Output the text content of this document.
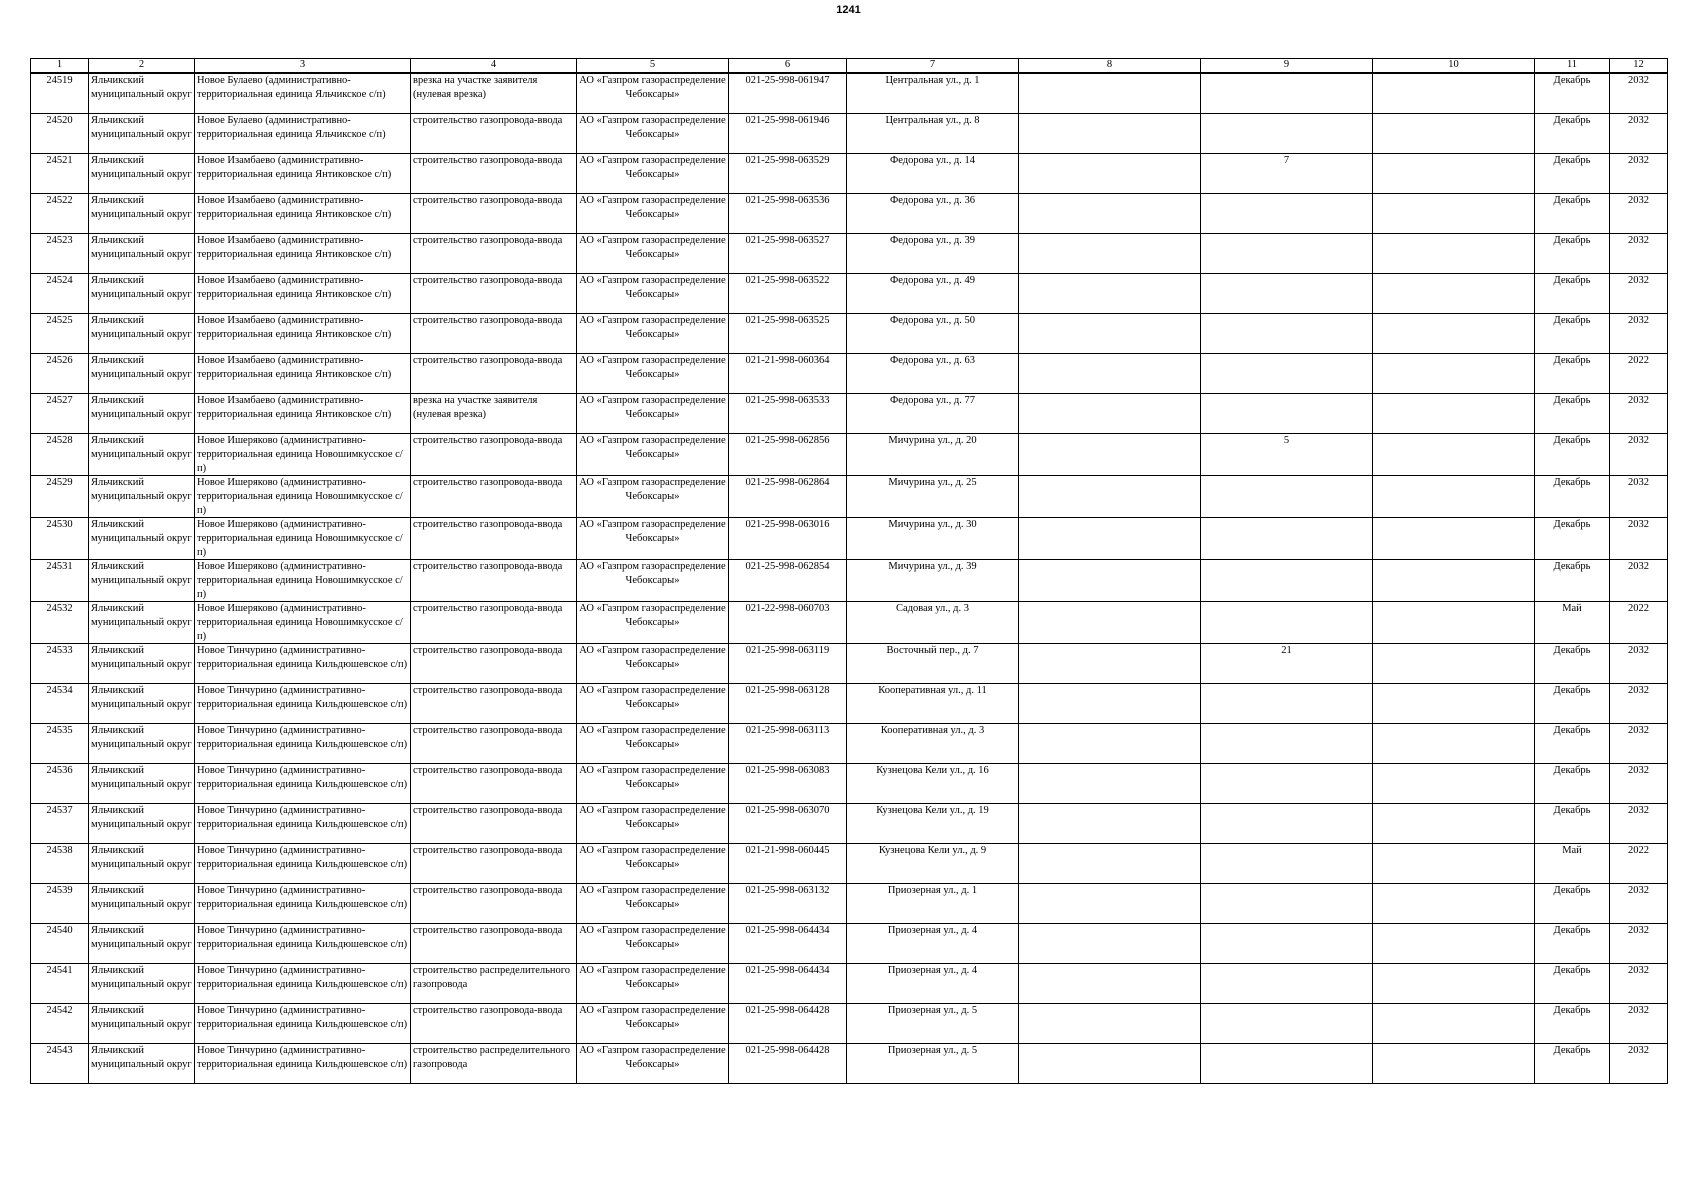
1241
1	2	3	4	5	6	7	8	9	10	11	12

24519	Яльчикский муниципальный округ	Новое Булаево (административно-территориальная единица Яльчикское с/п)	врезка на участке заявителя (нулевая врезка)	АО «Газпром газораспределение Чебоксары»	021-25-998-061947	Центральная ул., д. 1				Декабрь	2032

24520	Яльчикский муниципальный округ	Новое Булаево (административно-территориальная единица Яльчикское с/п)	строительство газопровода-ввода	АО «Газпром газораспределение Чебоксары»	021-25-998-061946	Центральная ул., д. 8				Декабрь	2032

24521	Яльчикский муниципальный округ	Новое Изамбаево (административно-территориальная единица Янтиковское с/п)	строительство газопровода-ввода	АО «Газпром газораспределение Чебоксары»	021-25-998-063529	Федорова ул., д. 14		7		Декабрь	2032

24522	Яльчикский муниципальный округ	Новое Изамбаево (административно-территориальная единица Янтиковское с/п)	строительство газопровода-ввода	АО «Газпром газораспределение Чебоксары»	021-25-998-063536	Федорова ул., д. 36				Декабрь	2032

24523	Яльчикский муниципальный округ	Новое Изамбаево (административно-территориальная единица Янтиковское с/п)	строительство газопровода-ввода	АО «Газпром газораспределение Чебоксары»	021-25-998-063527	Федорова ул., д. 39				Декабрь	2032

24524	Яльчикский муниципальный округ	Новое Изамбаево (административно-территориальная единица Янтиковское с/п)	строительство газопровода-ввода	АО «Газпром газораспределение Чебоксары»	021-25-998-063522	Федорова ул., д. 49				Декабрь	2032

24525	Яльчикский муниципальный округ	Новое Изамбаево (административно-территориальная единица Янтиковское с/п)	строительство газопровода-ввода	АО «Газпром газораспределение Чебоксары»	021-25-998-063525	Федорова ул., д. 50				Декабрь	2032

24526	Яльчикский муниципальный округ	Новое Изамбаево (административно-территориальная единица Янтиковское с/п)	строительство газопровода-ввода	АО «Газпром газораспределение Чебоксары»	021-21-998-060364	Федорова ул., д. 63				Декабрь	2022

24527	Яльчикский муниципальный округ	Новое Изамбаево (административно-территориальная единица Янтиковское с/п)	врезка на участке заявителя (нулевая врезка)	АО «Газпром газораспределение Чебоксары»	021-25-998-063533	Федорова ул., д. 77				Декабрь	2032

24528	Яльчикский муниципальный округ	Новое Ишеряково (административно-территориальная единица Новошимкусское с/п)	строительство газопровода-ввода	АО «Газпром газораспределение Чебоксары»	021-25-998-062856	Мичурина ул., д. 20		5		Декабрь	2032

24529	Яльчикский муниципальный округ	Новое Ишеряково (административно-территориальная единица Новошимкусское с/п)	строительство газопровода-ввода	АО «Газпром газораспределение Чебоксары»	021-25-998-062864	Мичурина ул., д. 25				Декабрь	2032

24530	Яльчикский муниципальный округ	Новое Ишеряково (административно-территориальная единица Новошимкусское с/п)	строительство газопровода-ввода	АО «Газпром газораспределение Чебоксары»	021-25-998-063016	Мичурина ул., д. 30				Декабрь	2032

24531	Яльчикский муниципальный округ	Новое Ишеряково (административно-территориальная единица Новошимкусское с/п)	строительство газопровода-ввода	АО «Газпром газораспределение Чебоксары»	021-25-998-062854	Мичурина ул., д. 39				Декабрь	2032

24532	Яльчикский муниципальный округ	Новое Ишеряково (административно-территориальная единица Новошимкусское с/п)	строительство газопровода-ввода	АО «Газпром газораспределение Чебоксары»	021-22-998-060703	Садовая ул., д. 3				Май	2022

24533	Яльчикский муниципальный округ	Новое Тинчурино (административно-территориальная единица Кильдюшевское с/п)	строительство газопровода-ввода	АО «Газпром газораспределение Чебоксары»	021-25-998-063119	Восточный пер., д. 7		21		Декабрь	2032

24534	Яльчикский муниципальный округ	Новое Тинчурино (административно-территориальная единица Кильдюшевское с/п)	строительство газопровода-ввода	АО «Газпром газораспределение Чебоксары»	021-25-998-063128	Кооперативная ул., д. 11				Декабрь	2032

24535	Яльчикский муниципальный округ	Новое Тинчурино (административно-территориальная единица Кильдюшевское с/п)	строительство газопровода-ввода	АО «Газпром газораспределение Чебоксары»	021-25-998-063113	Кооперативная ул., д. 3				Декабрь	2032

24536	Яльчикский муниципальный округ	Новое Тинчурино (административно-территориальная единица Кильдюшевское с/п)	строительство газопровода-ввода	АО «Газпром газораспределение Чебоксары»	021-25-998-063083	Кузнецова Кели ул., д. 16				Декабрь	2032

24537	Яльчикский муниципальный округ	Новое Тинчурино (административно-территориальная единица Кильдюшевское с/п)	строительство газопровода-ввода	АО «Газпром газораспределение Чебоксары»	021-25-998-063070	Кузнецова Кели ул., д. 19				Декабрь	2032

24538	Яльчикский муниципальный округ	Новое Тинчурино (административно-территориальная единица Кильдюшевское с/п)	строительство газопровода-ввода	АО «Газпром газораспределение Чебоксары»	021-21-998-060445	Кузнецова Кели ул., д. 9				Май	2022

24539	Яльчикский муниципальный округ	Новое Тинчурино (административно-территориальная единица Кильдюшевское с/п)	строительство газопровода-ввода	АО «Газпром газораспределение Чебоксары»	021-25-998-063132	Приозерная ул., д. 1				Декабрь	2032

24540	Яльчикский муниципальный округ	Новое Тинчурино (административно-территориальная единица Кильдюшевское с/п)	строительство газопровода-ввода	АО «Газпром газораспределение Чебоксары»	021-25-998-064434	Приозерная ул., д. 4				Декабрь	2032

24541	Яльчикский муниципальный округ	Новое Тинчурино (административно-территориальная единица Кильдюшевское с/п)	строительство распределительного газопровода	АО «Газпром газораспределение Чебоксары»	021-25-998-064434	Приозерная ул., д. 4				Декабрь	2032

24542	Яльчикский муниципальный округ	Новое Тинчурино (административно-территориальная единица Кильдюшевское с/п)	строительство газопровода-ввода	АО «Газпром газораспределение Чебоксары»	021-25-998-064428	Приозерная ул., д. 5				Декабрь	2032

24543	Яльчикский муниципальный округ	Новое Тинчурино (административно-территориальная единица Кильдюшевское с/п)	строительство распределительного газопровода	АО «Газпром газораспределение Чебоксары»	021-25-998-064428	Приозерная ул., д. 5				Декабрь	2032
